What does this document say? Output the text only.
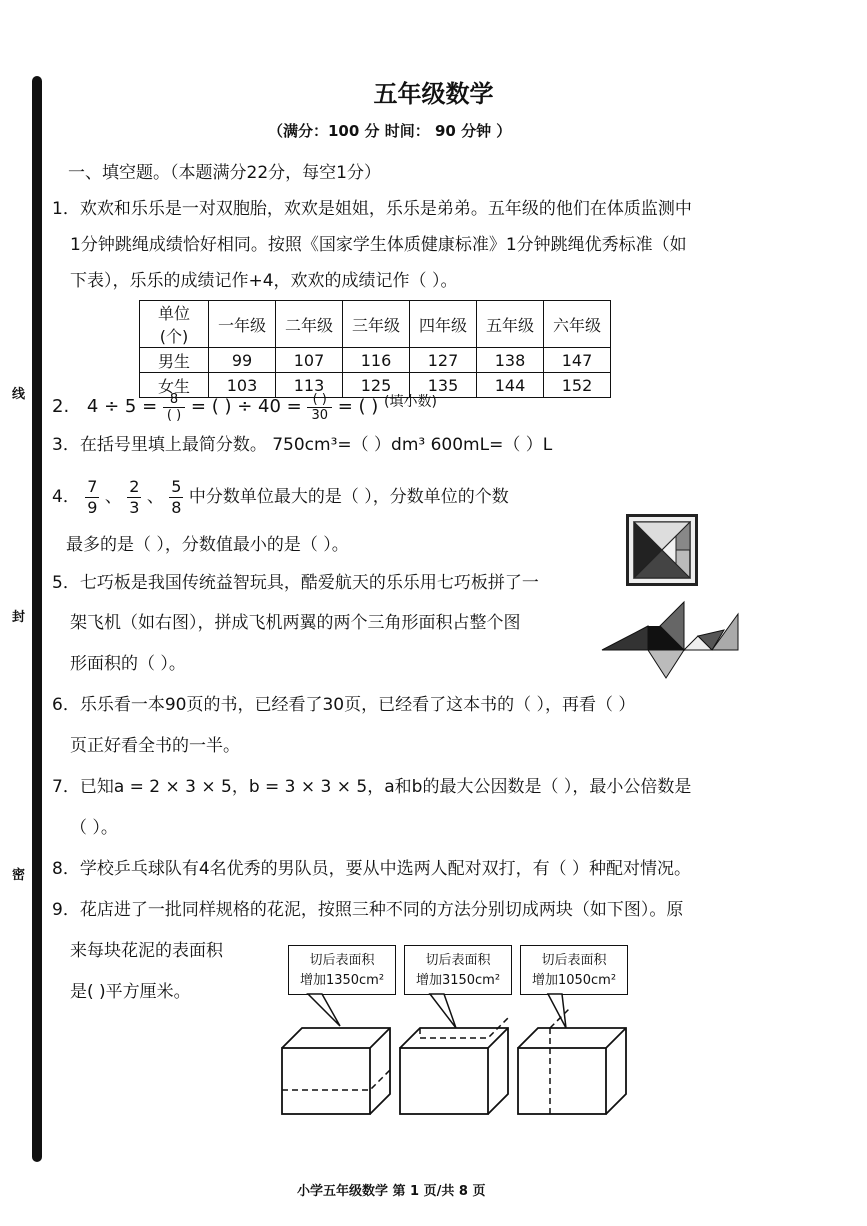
线
封
密
五年级数学
（满分：100 分 时间： 90 分钟 ）
一、填空题。（本题满分22分，每空1分）
1．欢欢和乐乐是一对双胞胎，欢欢是姐姐，乐乐是弟弟。五年级的他们在体质监测中
1分钟跳绳成绩恰好相同。按照《国家学生体质健康标准》1分钟跳绳优秀标准（如
下表），乐乐的成绩记作+4，欢欢的成绩记作（ ）。
单位(个)	一年级	二年级	三年级	四年级	五年级	六年级
男生	99	107	116	127	138	147
女生	103	113	125	135	144	152
2. $4 \div 5 = \frac{8}{( )}$ = ( ) ÷ $40 = \frac{( )}{30}$ = ( ) $^{(填小数)}$
3．在括号里填上最简分数。 750cm³=（ ）dm³ 600mL=（ ）L
4． $\frac{7}{9}$ 、 $\frac{2}{3}$ 、 $\frac{5}{8}$ 中分数单位最大的是（ ），分数单位的个数
最多的是（ ），分数值最小的是（ ）。
5．七巧板是我国传统益智玩具，酷爱航天的乐乐用七巧板拼了一
架飞机（如右图），拼成飞机两翼的两个三角形面积占整个图
形面积的（ ）。
6．乐乐看一本90页的书，已经看了30页，已经看了这本书的（ ），再看（ ）
页正好看全书的一半。
7．已知a = 2 × 3 × 5，b = 3 × 3 × 5，a和b的最大公因数是（ ），最小公倍数是
（ ）。
8．学校乒乓球队有4名优秀的男队员，要从中选两人配对双打，有（ ）种配对情况。
9．花店进了一批同样规格的花泥，按照三种不同的方法分别切成两块（如下图）。原
来每块花泥的表面积
是( )平方厘米。
切后表面积
增加1350cm²
切后表面积
增加3150cm²
切后表面积
增加1050cm²
小学五年级数学 第 1 页/共 8 页
